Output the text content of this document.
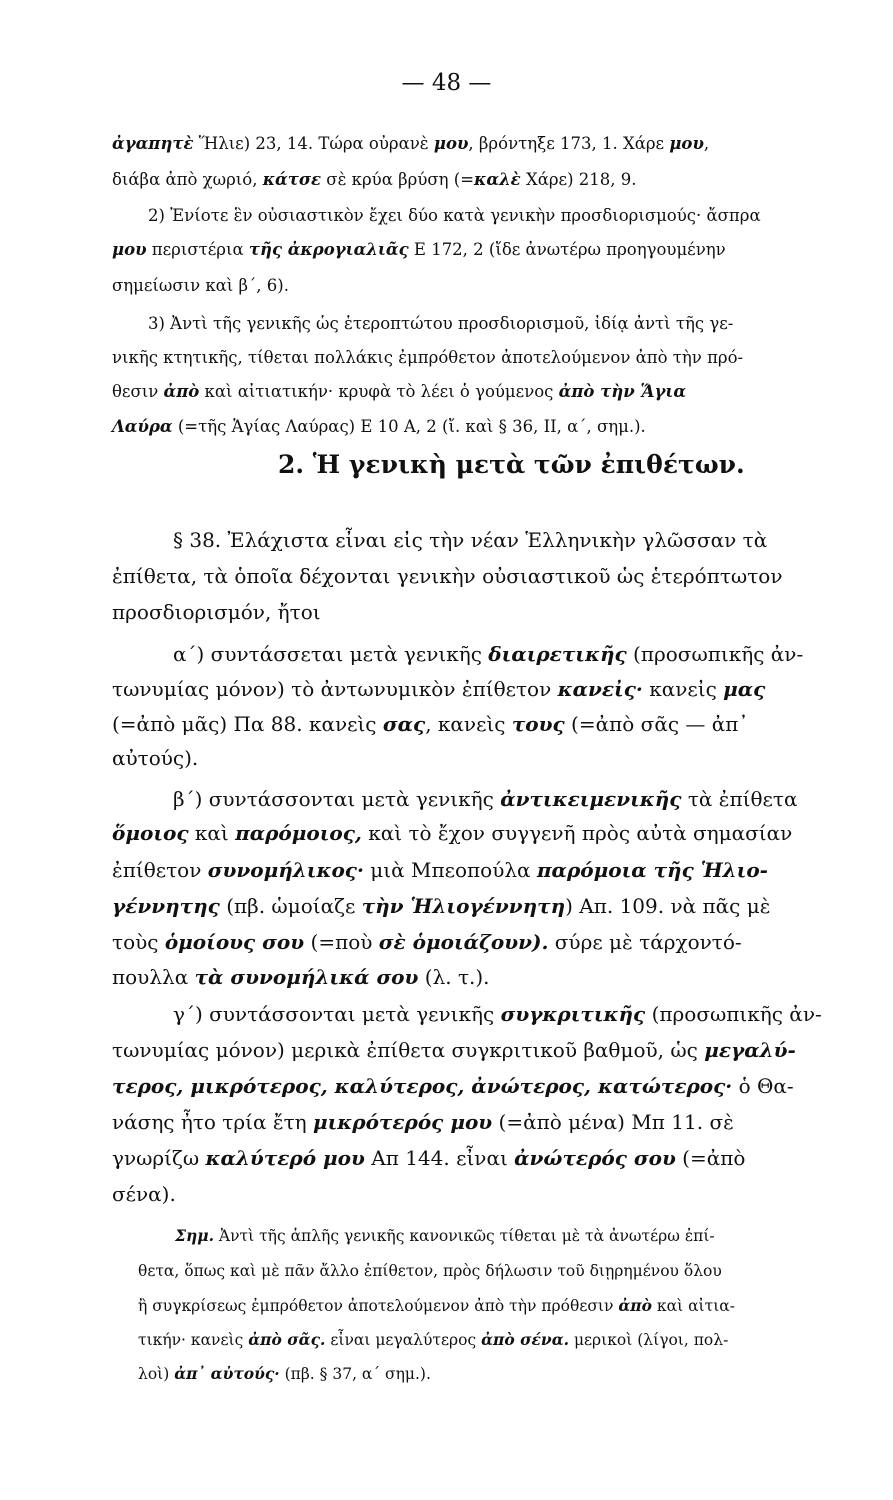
— 48 —
ἀγαπητὲ Ἥλιε) 23, 14. Τώρα οὐρανὲ μου, βρόντηξε 173, 1. Χάρε μου,
διάβα ἀπὸ χωριό, κάτσε σὲ κρύα βρύση (=καλὲ Χάρε) 218, 9.
2) Ἐνίοτε ἓν οὐσιαστικὸν ἔχει δύο κατὰ γενικὴν προσδιορισμούς· ἄσπρα
μου περιστέρια τῆς ἀκρογιαλιᾶς Ε 172, 2 (ἴδε ἀνωτέρω προηγουμένην
σημείωσιν καὶ β΄, 6).
3) Ἀντὶ τῆς γενικῆς ὡς ἑτεροπτώτου προσδιορισμοῦ, ἰδίᾳ ἀντὶ τῆς γε-
νικῆς κτητικῆς, τίθεται πολλάκις ἐμπρόθετον ἀποτελούμενον ἀπὸ τὴν πρό-
θεσιν ἀπὸ καὶ αἰτιατικήν· κρυφὰ τὸ λέει ὁ γούμενος ἀπὸ τὴν Ἅγια
Λαύρα (=τῆς Ἁγίας Λαύρας) Ε 10 Α, 2 (ἴ. καὶ § 36, ΙΙ, α΄, σημ.).
2. Ἡ γενικὴ μετὰ τῶν ἐπιθέτων.
§ 38. Ἐλάχιστα εἶναι εἰς τὴν νέαν Ἑλληνικὴν γλῶσσαν τὰ
ἐπίθετα, τὰ ὁποῖα δέχονται γενικὴν οὐσιαστικοῦ ὡς ἑτερόπτωτον
προσδιορισμόν, ἤτοι
α΄) συντάσσεται μετὰ γενικῆς διαιρετικῆς (προσωπικῆς ἀν-
τωνυμίας μόνον) τὸ ἀντωνυμικὸν ἐπίθετον κανεἰς· κανεἰς μας
(=ἀπὸ μᾶς) Πα 88. κανεὶς σας, κανεὶς τους (=ἀπὸ σᾶς — ἀπ᾽
αὐτούς).
β΄) συντάσσονται μετὰ γενικῆς ἀντικειμενικῆς τὰ ἐπίθετα
ὅμοιος καὶ παρόμοιος, καὶ τὸ ἔχον συγγενῆ πρὸς αὐτὰ σημασίαν
ἐπίθετον συνομήλικος· μιὰ Μπεοπούλα παρόμοια τῆς Ἡλιο-
γέννητης (πβ. ὡμοίαζε τὴν Ἡλιογέννητη) Απ. 109. νὰ πᾶς μὲ
τοὺς ὁμοίους σου (=ποὺ σὲ ὁμοιάζουν). σύρε μὲ τάρχοντό-
πουλλα τὰ συνομήλικά σου (λ. τ.).
γ΄) συντάσσονται μετὰ γενικῆς συγκριτικῆς (προσωπικῆς ἀν-
τωνυμίας μόνον) μερικὰ ἐπίθετα συγκριτικοῦ βαθμοῦ, ὡς μεγαλύ-
τερος, μικρότερος, καλύτερος, ἀνώτερος, κατώτερος· ὁ Θα-
νάσης ἦτο τρία ἔτη μικρότερός μου (=ἀπὸ μένα) Μπ 11. σὲ
γνωρίζω καλύτερό μου Απ 144. εἶναι ἀνώτερός σου (=ἀπὸ
σένα).
Σημ. Ἀντὶ τῆς ἁπλῆς γενικῆς κανονικῶς τίθεται μὲ τὰ ἀνωτέρω ἐπί-
θετα, ὅπως καὶ μὲ πᾶν ἄλλο ἐπίθετον, πρὸς δήλωσιν τοῦ διῃρημένου ὅλου
ἢ συγκρίσεως ἐμπρόθετον ἀποτελούμενον ἀπὸ τὴν πρόθεσιν ἀπὸ καὶ αἰτια-
τικήν· κανεὶς ἀπὸ σᾶς. εἶναι μεγαλύτερος ἀπὸ σένα. μερικοὶ (λίγοι, πολ-
λοὶ) ἀπ᾽ αὐτούς· (πβ. § 37, α΄ σημ.).
